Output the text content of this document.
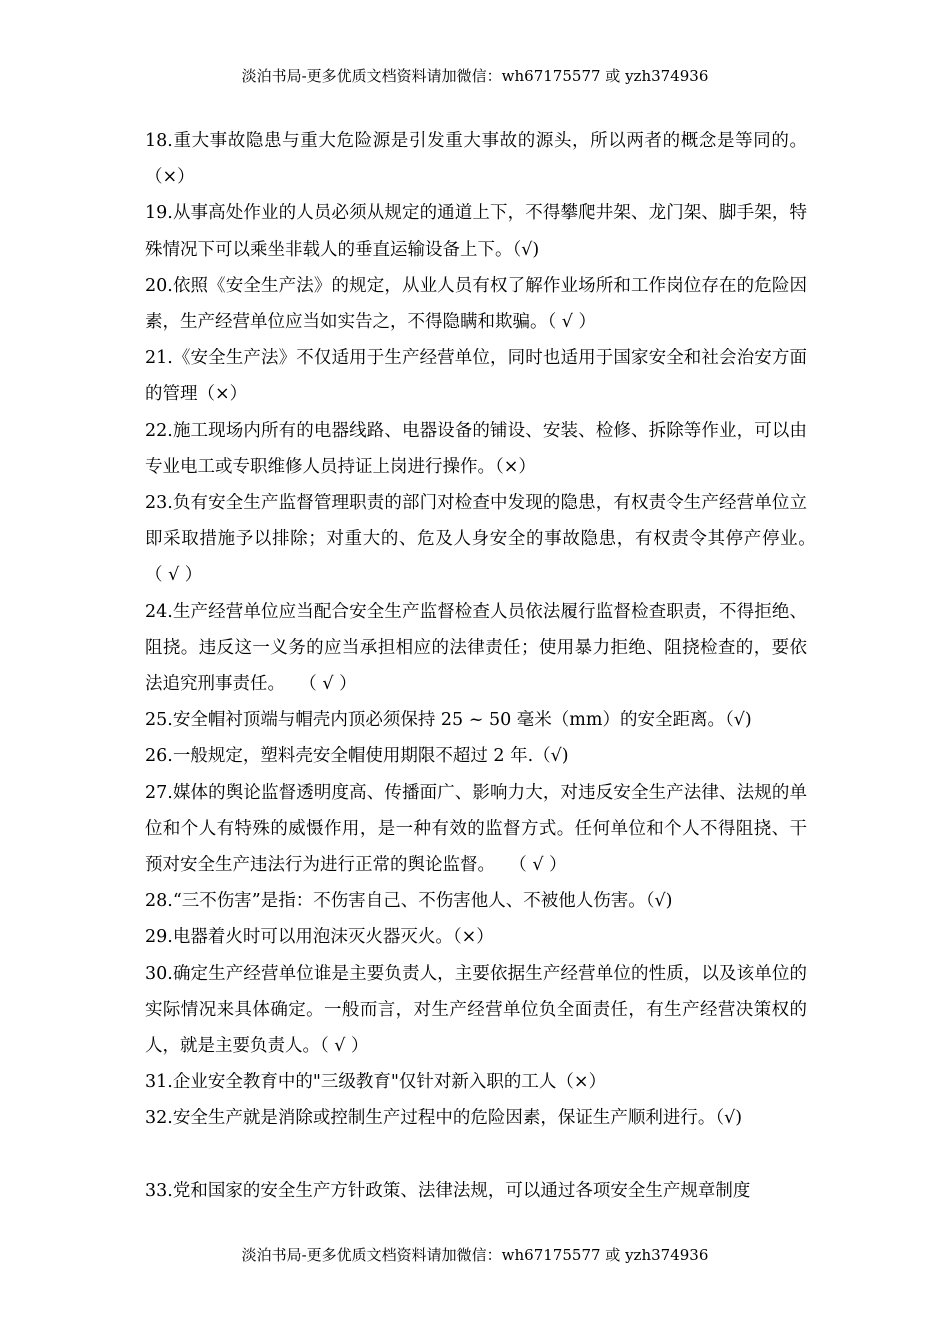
淡泊书局-更多优质文档资料请加微信：wh67175577 或 yzh374936

18.重大事故隐患与重大危险源是引发重大事故的源头，所以两者的概念是等同的。（×）

19.从事高处作业的人员必须从规定的通道上下，不得攀爬井架、龙门架、脚手架，特殊情况下可以乘坐非载人的垂直运输设备上下。（√)

20.依照《安全生产法》的规定，从业人员有权了解作业场所和工作岗位存在的危险因素，生产经营单位应当如实告之，不得隐瞒和欺骗。（ √ ）

21.《安全生产法》不仅适用于生产经营单位，同时也适用于国家安全和社会治安方面的管理（×）

22.施工现场内所有的电器线路、电器设备的铺设、安装、检修、拆除等作业，可以由专业电工或专职维修人员持证上岗进行操作。（×）

23.负有安全生产监督管理职责的部门对检查中发现的隐患，有权责令生产经营单位立即采取措施予以排除；对重大的、危及人身安全的事故隐患，有权责令其停产停业。　 （ √ ）

24.生产经营单位应当配合安全生产监督检查人员依法履行监督检查职责，不得拒绝、阻挠。违反这一义务的应当承担相应的法律责任；使用暴力拒绝、阻挠检查的，要依法追究刑事责任。　 （ √ ）

25.安全帽衬顶端与帽壳内顶必须保持 25 ~ 50 毫米（mm）的安全距离。（√)

26.一般规定，塑料壳安全帽使用期限不超过 2 年.（√)

27.媒体的舆论监督透明度高、传播面广、影响力大，对违反安全生产法律、法规的单位和个人有特殊的威慑作用，是一种有效的监督方式。任何单位和个人不得阻挠、干预对安全生产违法行为进行正常的舆论监督。　 （ √ ）

28.“三不伤害”是指：不伤害自己、不伤害他人、不被他人伤害。（√)

29.电器着火时可以用泡沫灭火器灭火。（×）

30.确定生产经营单位谁是主要负责人，主要依据生产经营单位的性质，以及该单位的实际情况来具体确定。一般而言，对生产经营单位负全面责任，有生产经营决策权的人，就是主要负责人。（ √ ）

31.企业安全教育中的"三级教育"仅针对新入职的工人（×）

32.安全生产就是消除或控制生产过程中的危险因素，保证生产顺利进行。（√)

33.党和国家的安全生产方针政策、法律法规，可以通过各项安全生产规章制度

淡泊书局-更多优质文档资料请加微信：wh67175577 或 yzh374936
